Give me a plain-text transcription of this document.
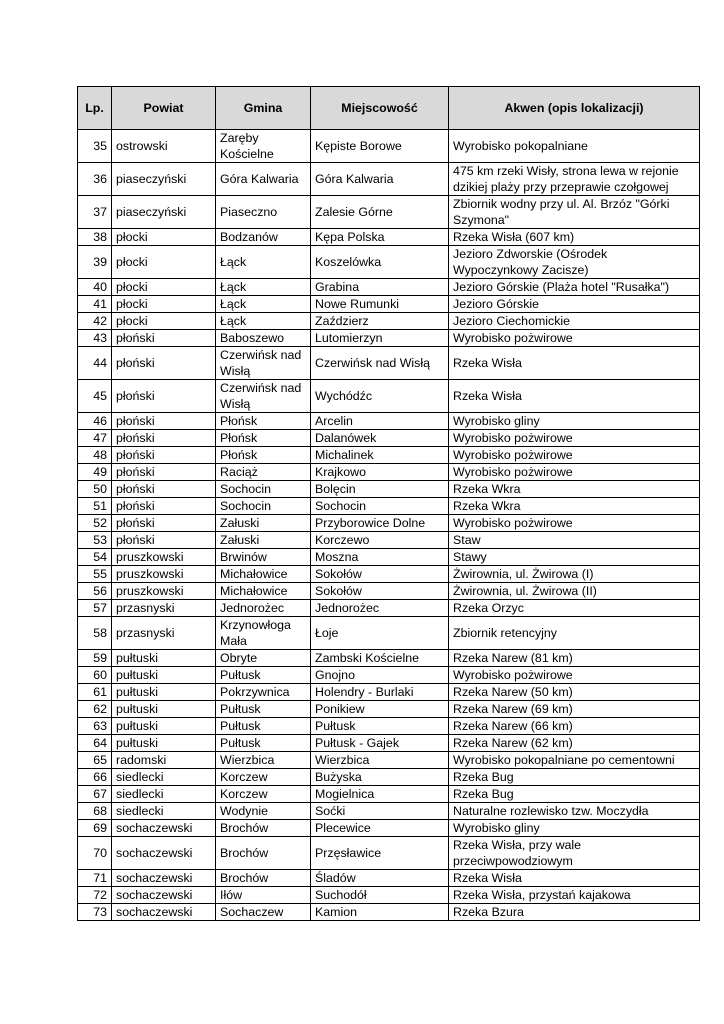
Lp.	Powiat	Gmina	Miejscowość	Akwen (opis lokalizacji)
35	ostrowski	Zaręby Kościelne	Kępiste Borowe	Wyrobisko pokopalniane
36	piaseczyński	Góra Kalwaria	Góra Kalwaria	475 km rzeki Wisły, strona lewa w rejonie dzikiej plaży przy przeprawie czołgowej
37	piaseczyński	Piaseczno	Zalesie Górne	Zbiornik wodny przy ul. Al. Brzóz "Górki Szymona"
38	płocki	Bodzanów	Kępa Polska	Rzeka Wisła (607 km)
39	płocki	Łąck	Koszelówka	Jezioro Zdworskie (Ośrodek Wypoczynkowy Zacisze)
40	płocki	Łąck	Grabina	Jezioro Górskie (Plaża hotel "Rusałka")
41	płocki	Łąck	Nowe Rumunki	Jezioro Górskie
42	płocki	Łąck	Zaździerz	Jezioro Ciechomickie
43	płoński	Baboszewo	Lutomierzyn	Wyrobisko pożwirowe
44	płoński	Czerwińsk nad Wisłą	Czerwińsk nad Wisłą	Rzeka Wisła
45	płoński	Czerwińsk nad Wisłą	Wychódźc	Rzeka Wisła
46	płoński	Płońsk	Arcelin	Wyrobisko gliny
47	płoński	Płońsk	Dalanówek	Wyrobisko pożwirowe
48	płoński	Płońsk	Michalinek	Wyrobisko pożwirowe
49	płoński	Raciąż	Krajkowo	Wyrobisko pożwirowe
50	płoński	Sochocin	Bolęcin	Rzeka Wkra
51	płoński	Sochocin	Sochocin	Rzeka Wkra
52	płoński	Załuski	Przyborowice Dolne	Wyrobisko pożwirowe
53	płoński	Załuski	Korczewo	Staw
54	pruszkowski	Brwinów	Moszna	Stawy
55	pruszkowski	Michałowice	Sokołów	Żwirownia, ul. Żwirowa (I)
56	pruszkowski	Michałowice	Sokołów	Żwirownia, ul. Żwirowa (II)
57	przasnyski	Jednorożec	Jednorożec	Rzeka Orzyc
58	przasnyski	Krzynowłoga Mała	Łoje	Zbiornik retencyjny
59	pułtuski	Obryte	Zambski Kościelne	Rzeka Narew (81 km)
60	pułtuski	Pułtusk	Gnojno	Wyrobisko pożwirowe
61	pułtuski	Pokrzywnica	Holendry - Burlaki	Rzeka Narew (50 km)
62	pułtuski	Pułtusk	Ponikiew	Rzeka Narew (69 km)
63	pułtuski	Pułtusk	Pułtusk	Rzeka Narew (66 km)
64	pułtuski	Pułtusk	Pułtusk - Gajek	Rzeka Narew (62 km)
65	radomski	Wierzbica	Wierzbica	Wyrobisko pokopalniane po cementowni
66	siedlecki	Korczew	Bużyska	Rzeka Bug
67	siedlecki	Korczew	Mogielnica	Rzeka Bug
68	siedlecki	Wodynie	Soćki	Naturalne rozlewisko tzw. Moczydła
69	sochaczewski	Brochów	Plecewice	Wyrobisko gliny
70	sochaczewski	Brochów	Przęsławice	Rzeka Wisła, przy wale przeciwpowodziowym
71	sochaczewski	Brochów	Śladów	Rzeka Wisła
72	sochaczewski	Iłów	Suchodół	Rzeka Wisła, przystań kajakowa
73	sochaczewski	Sochaczew	Kamion	Rzeka Bzura
